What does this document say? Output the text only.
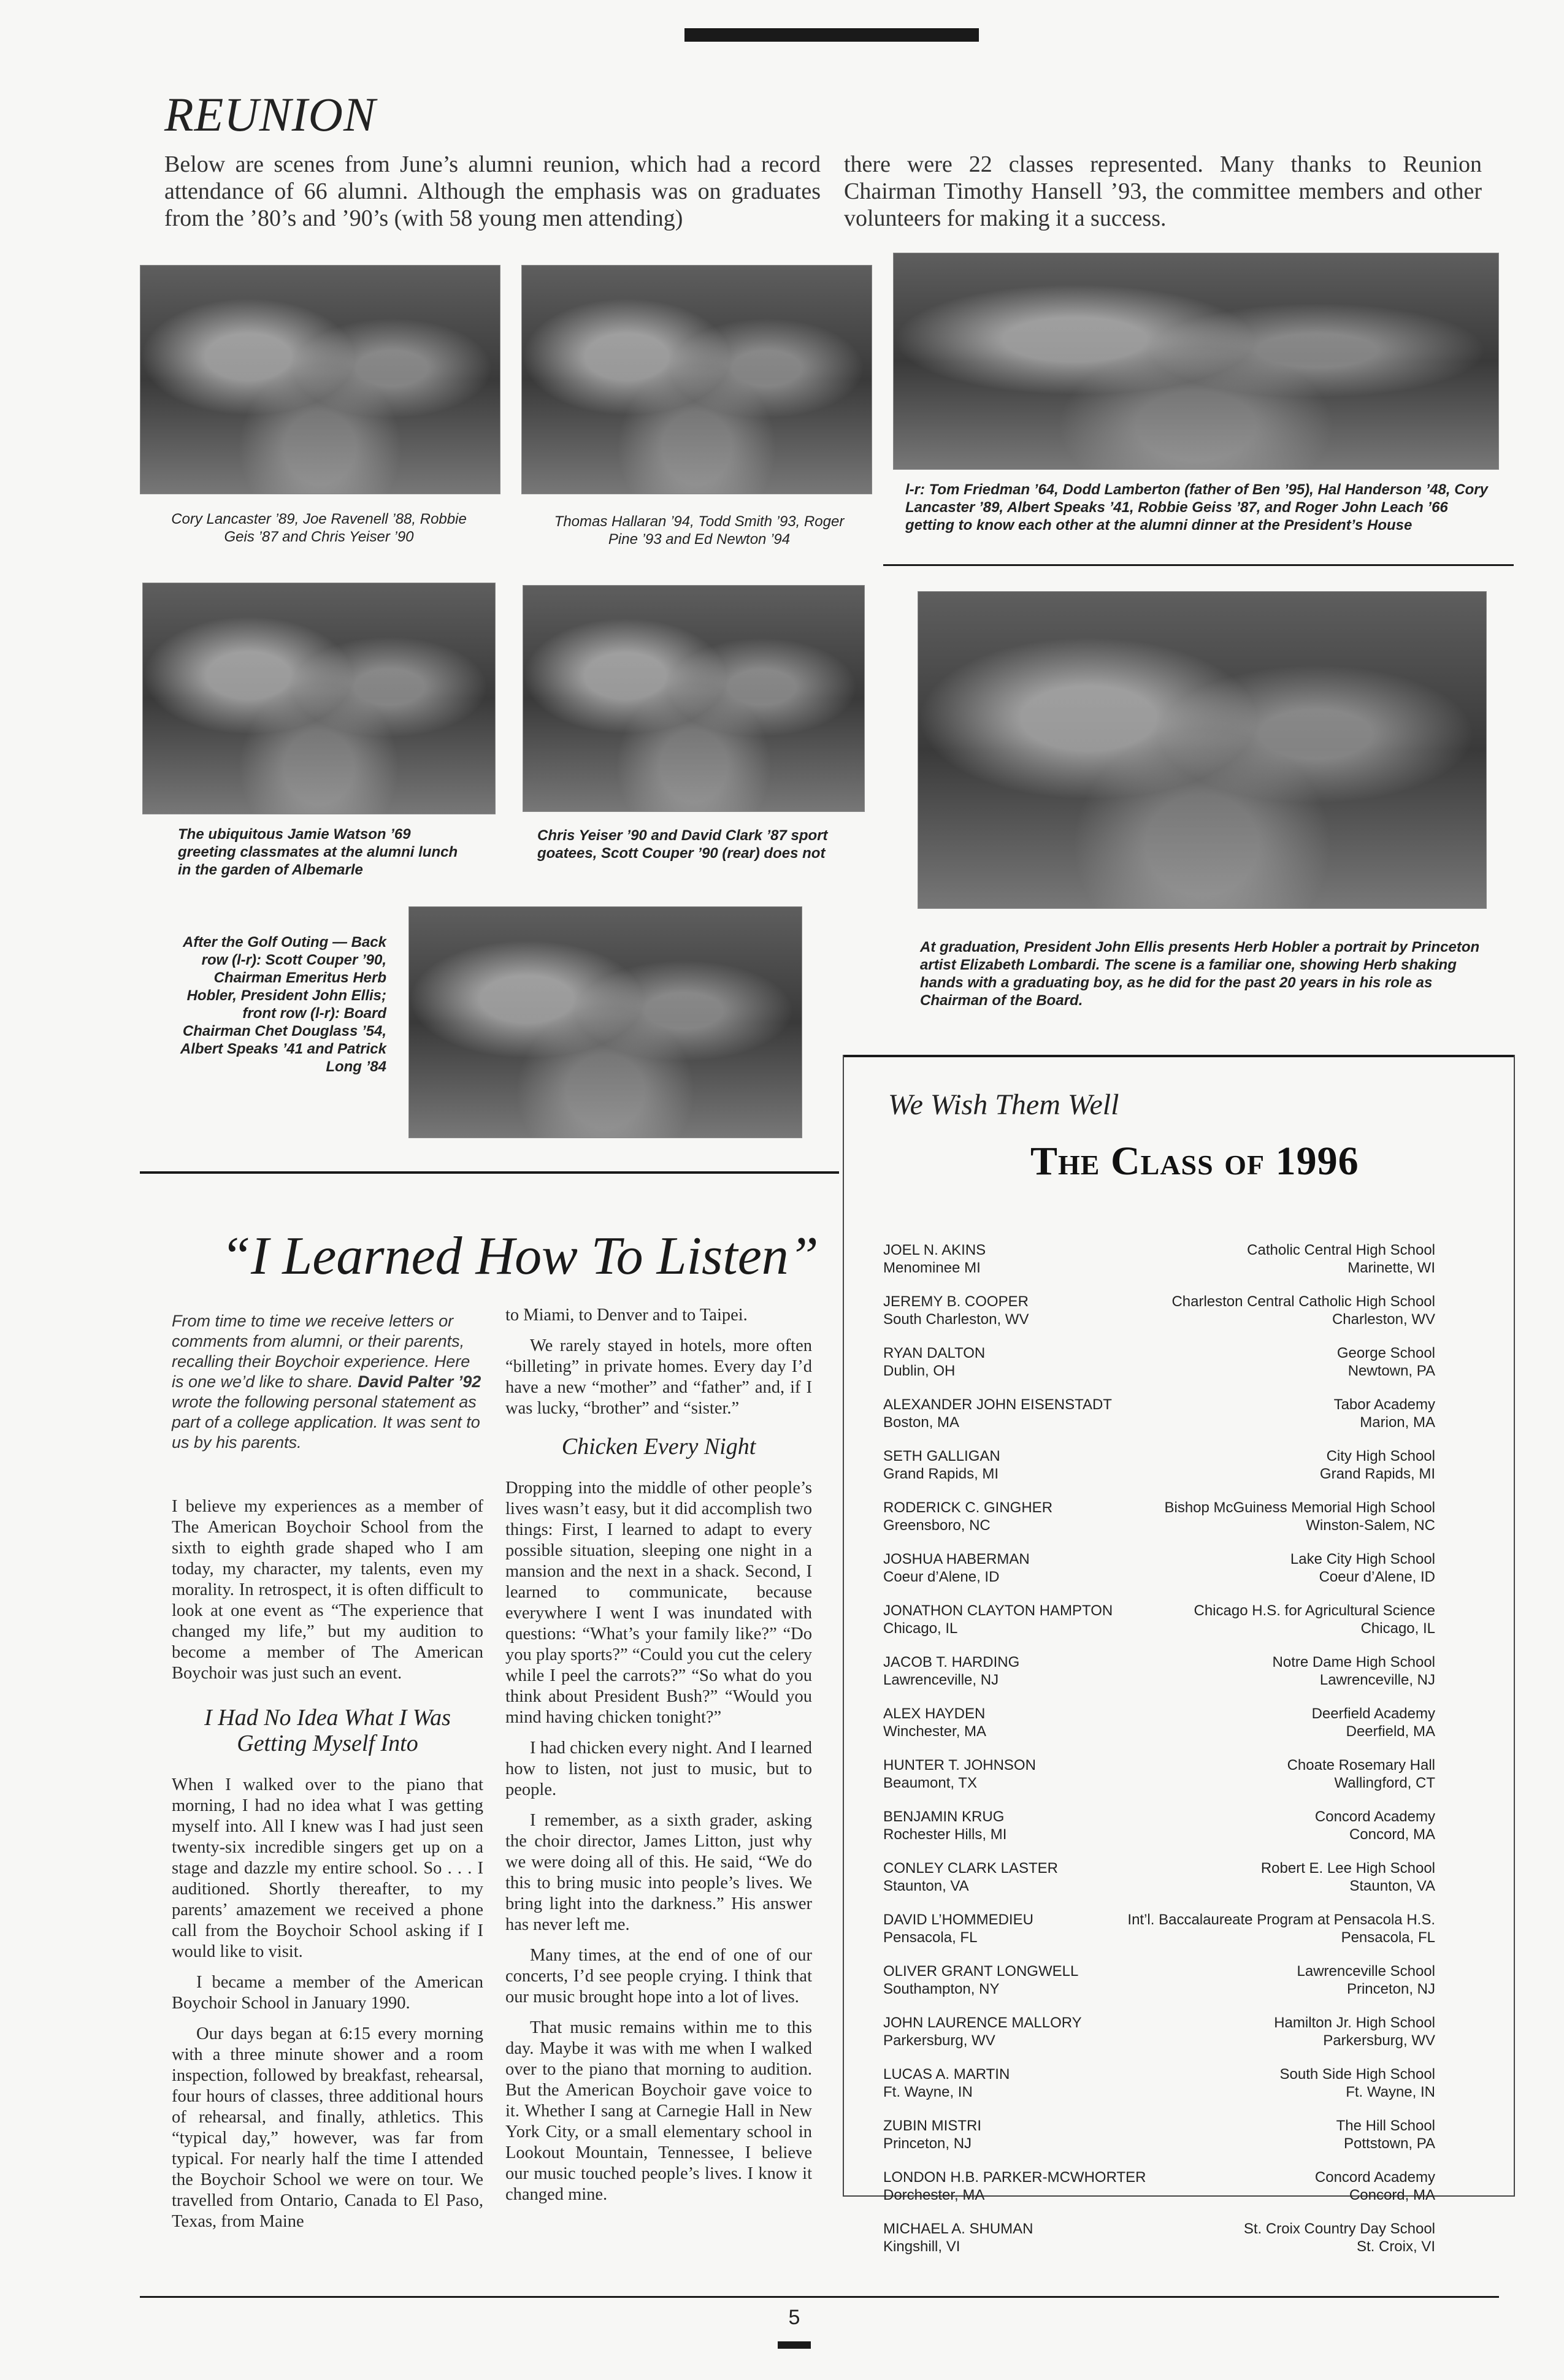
REUNION
Below are scenes from June’s alumni reunion, which had a record attendance of 66 alumni. Although the emphasis was on graduates from the ’80’s and ’90’s (with 58 young men attending)
there were 22 classes represented. Many thanks to Reunion Chairman Timothy Hansell ’93, the committee members and other volunteers for making it a success.
Cory Lancaster ’89, Joe Ravenell ’88, Robbie Geis ’87 and Chris Yeiser ’90
Thomas Hallaran ’94, Todd Smith ’93, Roger Pine ’93 and Ed Newton ’94
l-r: Tom Friedman ’64, Dodd Lamberton (father of Ben ’95), Hal Handerson ’48, Cory Lancaster ’89, Albert Speaks ’41, Robbie Geiss ’87, and Roger John Leach ’66 getting to know each other at the alumni dinner at the President’s House
The ubiquitous Jamie Watson ’69 greeting classmates at the alumni lunch in the garden of Albemarle
Chris Yeiser ’90 and David Clark ’87 sport goatees, Scott Couper ’90 (rear) does not
At graduation, President John Ellis presents Herb Hobler a portrait by Princeton artist Elizabeth Lombardi. The scene is a familiar one, showing Herb shaking hands with a graduating boy, as he did for the past 20 years in his role as Chairman of the Board.
After the Golf Outing — Back row (l-r): Scott Couper ’90, Chairman Emeritus Herb Hobler, President John Ellis; front row (l-r): Board Chairman Chet Douglass ’54, Albert Speaks ’41 and Patrick Long ’84
We Wish Them Well
The Class of 1996
JOEL N. AKINS
Menominee MI
Catholic Central High School
Marinette, WI
JEREMY B. COOPER
South Charleston, WV
Charleston Central Catholic High School
Charleston, WV
RYAN DALTON
Dublin, OH
George School
Newtown, PA
ALEXANDER JOHN EISENSTADT
Boston, MA
Tabor Academy
Marion, MA
SETH GALLIGAN
Grand Rapids, MI
City High School
Grand Rapids, MI
RODERICK C. GINGHER
Greensboro, NC
Bishop McGuiness Memorial High School
Winston-Salem, NC
JOSHUA HABERMAN
Coeur d’Alene, ID
Lake City High School
Coeur d’Alene, ID
JONATHON CLAYTON HAMPTON
Chicago, IL
Chicago H.S. for Agricultural Science
Chicago, IL
JACOB T. HARDING
Lawrenceville, NJ
Notre Dame High School
Lawrenceville, NJ
ALEX HAYDEN
Winchester, MA
Deerfield Academy
Deerfield, MA
HUNTER T. JOHNSON
Beaumont, TX
Choate Rosemary Hall
Wallingford, CT
BENJAMIN KRUG
Rochester Hills, MI
Concord Academy
Concord, MA
CONLEY CLARK LASTER
Staunton, VA
Robert E. Lee High School
Staunton, VA
DAVID L’HOMMEDIEU
Pensacola, FL
Int’l. Baccalaureate Program at Pensacola H.S.
Pensacola, FL
OLIVER GRANT LONGWELL
Southampton, NY
Lawrenceville School
Princeton, NJ
JOHN LAURENCE MALLORY
Parkersburg, WV
Hamilton Jr. High School
Parkersburg, WV
LUCAS A. MARTIN
Ft. Wayne, IN
South Side High School
Ft. Wayne, IN
ZUBIN MISTRI
Princeton, NJ
The Hill School
Pottstown, PA
LONDON H.B. PARKER-MCWHORTER
Dorchester, MA
Concord Academy
Concord, MA
MICHAEL A. SHUMAN
Kingshill, VI
St. Croix Country Day School
St. Croix, VI
“I Learned How To Listen”
From time to time we receive letters or comments from alumni, or their parents, recalling their Boychoir experience. Here is one we’d like to share. David Palter ’92 wrote the following personal statement as part of a college application. It was sent to us by his parents.

I believe my experiences as a member of The American Boychoir School from the sixth to eighth grade shaped who I am today, my character, my talents, even my morality. In retrospect, it is often difficult to look at one event as “The experience that changed my life,” but my audition to become a member of The American Boychoir was just such an event.

I Had No Idea What I Was Getting Myself Into

When I walked over to the piano that morning, I had no idea what I was getting myself into. All I knew was I had just seen twenty-six incredible singers get up on a stage and dazzle my entire school. So . . . I auditioned. Shortly thereafter, to my parents’ amazement we received a phone call from the Boychoir School asking if I would like to visit.

I became a member of the American Boychoir School in January 1990.

Our days began at 6:15 every morning with a three minute shower and a room inspection, followed by breakfast, rehearsal, four hours of classes, three additional hours of rehearsal, and finally, athletics. This “typical day,” however, was far from typical. For nearly half the time I attended the Boychoir School we were on tour. We travelled from Ontario, Canada to El Paso, Texas, from Maine

to Miami, to Denver and to Taipei.

We rarely stayed in hotels, more often “billeting” in private homes. Every day I’d have a new “mother” and “father” and, if I was lucky, “brother” and “sister.”

Chicken Every Night

Dropping into the middle of other people’s lives wasn’t easy, but it did accomplish two things: First, I learned to adapt to every possible situation, sleeping one night in a mansion and the next in a shack. Second, I learned to communicate, because everywhere I went I was inundated with questions: “What’s your family like?” “Do you play sports?” “Could you cut the celery while I peel the carrots?” “So what do you think about President Bush?” “Would you mind having chicken tonight?”

I had chicken every night. And I learned how to listen, not just to music, but to people.

I remember, as a sixth grader, asking the choir director, James Litton, just why we were doing all of this. He said, “We do this to bring music into people’s lives. We bring light into the darkness.” His answer has never left me.

Many times, at the end of one of our concerts, I’d see people crying. I think that our music brought hope into a lot of lives.

That music remains within me to this day. Maybe it was with me when I walked over to the piano that morning to audition. But the American Boychoir gave voice to it. Whether I sang at Carnegie Hall in New York City, or a small elementary school in Lookout Mountain, Tennessee, I believe our music touched people’s lives. I know it changed mine.

5
